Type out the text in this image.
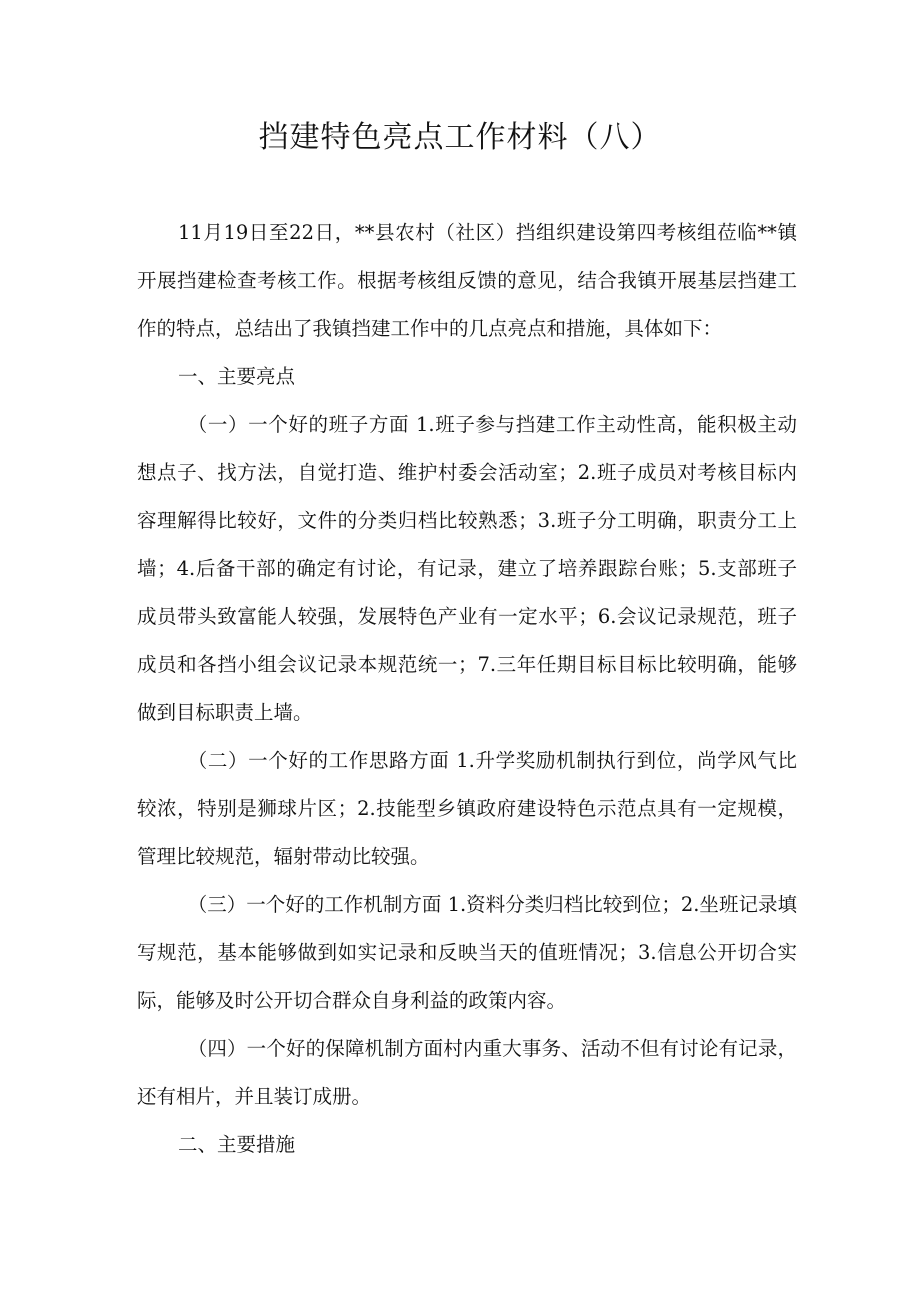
挡建特色亮点工作材料（八）

11月19日至22日，**县农村（社区）挡组织建设第四考核组莅临**镇开展挡建检查考核工作。根据考核组反馈的意见，结合我镇开展基层挡建工作的特点，总结出了我镇挡建工作中的几点亮点和措施，具体如下：

一、主要亮点

（一）一个好的班子方面 1.班子参与挡建工作主动性高，能积极主动想点子、找方法，自觉打造、维护村委会活动室；2.班子成员对考核目标内容理解得比较好，文件的分类归档比较熟悉；3.班子分工明确，职责分工上墙；4.后备干部的确定有讨论，有记录，建立了培养跟踪台账；5.支部班子成员带头致富能人较强，发展特色产业有一定水平；6.会议记录规范，班子成员和各挡小组会议记录本规范统一；7.三年任期目标目标比较明确，能够做到目标职责上墙。

（二）一个好的工作思路方面 1.升学奖励机制执行到位，尚学风气比较浓，特别是狮球片区；2.技能型乡镇政府建设特色示范点具有一定规模，管理比较规范，辐射带动比较强。

（三）一个好的工作机制方面 1.资料分类归档比较到位；2.坐班记录填写规范，基本能够做到如实记录和反映当天的值班情况；3.信息公开切合实际，能够及时公开切合群众自身利益的政策内容。

（四）一个好的保障机制方面村内重大事务、活动不但有讨论有记录，还有相片，并且装订成册。

二、主要措施
